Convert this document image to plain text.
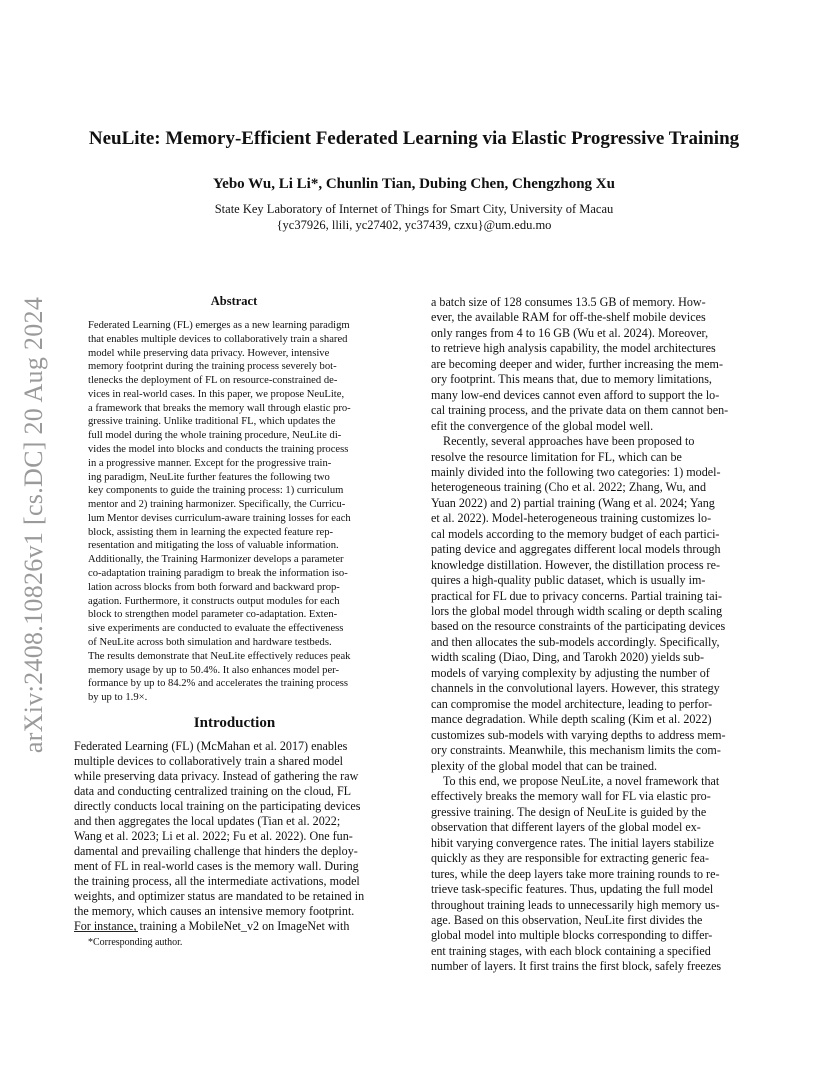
arXiv:2408.10826v1 [cs.DC] 20 Aug 2024
NeuLite: Memory-Efficient Federated Learning via Elastic Progressive Training
Yebo Wu, Li Li*, Chunlin Tian, Dubing Chen, Chengzhong Xu
State Key Laboratory of Internet of Things for Smart City, University of Macau
{yc37926, llili, yc27402, yc37439, czxu}@um.edu.mo
Abstract
Federated Learning (FL) emerges as a new learning paradigm
that enables multiple devices to collaboratively train a shared
model while preserving data privacy. However, intensive
memory footprint during the training process severely bot-
tlenecks the deployment of FL on resource-constrained de-
vices in real-world cases. In this paper, we propose NeuLite,
a framework that breaks the memory wall through elastic pro-
gressive training. Unlike traditional FL, which updates the
full model during the whole training procedure, NeuLite di-
vides the model into blocks and conducts the training process
in a progressive manner. Except for the progressive train-
ing paradigm, NeuLite further features the following two
key components to guide the training process: 1) curriculum
mentor and 2) training harmonizer. Specifically, the Curricu-
lum Mentor devises curriculum-aware training losses for each
block, assisting them in learning the expected feature rep-
resentation and mitigating the loss of valuable information.
Additionally, the Training Harmonizer develops a parameter
co-adaptation training paradigm to break the information iso-
lation across blocks from both forward and backward prop-
agation. Furthermore, it constructs output modules for each
block to strengthen model parameter co-adaptation. Exten-
sive experiments are conducted to evaluate the effectiveness
of NeuLite across both simulation and hardware testbeds.
The results demonstrate that NeuLite effectively reduces peak
memory usage by up to 50.4%. It also enhances model per-
formance by up to 84.2% and accelerates the training process
by up to 1.9×.
Introduction
Federated Learning (FL) (McMahan et al. 2017) enables
multiple devices to collaboratively train a shared model
while preserving data privacy. Instead of gathering the raw
data and conducting centralized training on the cloud, FL
directly conducts local training on the participating devices
and then aggregates the local updates (Tian et al. 2022;
Wang et al. 2023; Li et al. 2022; Fu et al. 2022). One fun-
damental and prevailing challenge that hinders the deploy-
ment of FL in real-world cases is the memory wall. During
the training process, all the intermediate activations, model
weights, and optimizer status are mandated to be retained in
the memory, which causes an intensive memory footprint.
For instance, training a MobileNet_v2 on ImageNet with
*Corresponding author.
a batch size of 128 consumes 13.5 GB of memory. How-
ever, the available RAM for off-the-shelf mobile devices
only ranges from 4 to 16 GB (Wu et al. 2024). Moreover,
to retrieve high analysis capability, the model architectures
are becoming deeper and wider, further increasing the mem-
ory footprint. This means that, due to memory limitations,
many low-end devices cannot even afford to support the lo-
cal training process, and the private data on them cannot ben-
efit the convergence of the global model well.
Recently, several approaches have been proposed to
resolve the resource limitation for FL, which can be
mainly divided into the following two categories: 1) model-
heterogeneous training (Cho et al. 2022; Zhang, Wu, and
Yuan 2022) and 2) partial training (Wang et al. 2024; Yang
et al. 2022). Model-heterogeneous training customizes lo-
cal models according to the memory budget of each partici-
pating device and aggregates different local models through
knowledge distillation. However, the distillation process re-
quires a high-quality public dataset, which is usually im-
practical for FL due to privacy concerns. Partial training tai-
lors the global model through width scaling or depth scaling
based on the resource constraints of the participating devices
and then allocates the sub-models accordingly. Specifically,
width scaling (Diao, Ding, and Tarokh 2020) yields sub-
models of varying complexity by adjusting the number of
channels in the convolutional layers. However, this strategy
can compromise the model architecture, leading to perfor-
mance degradation. While depth scaling (Kim et al. 2022)
customizes sub-models with varying depths to address mem-
ory constraints. Meanwhile, this mechanism limits the com-
plexity of the global model that can be trained.
To this end, we propose NeuLite, a novel framework that
effectively breaks the memory wall for FL via elastic pro-
gressive training. The design of NeuLite is guided by the
observation that different layers of the global model ex-
hibit varying convergence rates. The initial layers stabilize
quickly as they are responsible for extracting generic fea-
tures, while the deep layers take more training rounds to re-
trieve task-specific features. Thus, updating the full model
throughout training leads to unnecessarily high memory us-
age. Based on this observation, NeuLite first divides the
global model into multiple blocks corresponding to differ-
ent training stages, with each block containing a specified
number of layers. It first trains the first block, safely freezes
